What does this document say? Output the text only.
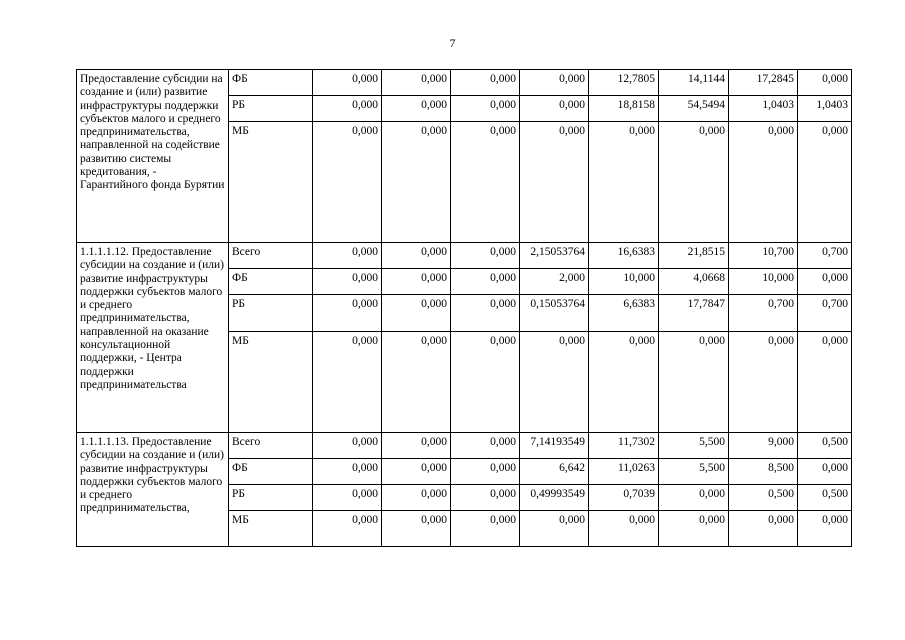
7
Предоставление субсидии на создание и (или) развитие инфраструктуры поддержки субъектов малого и среднего предпринимательства, направленной на содействие развитию системы кредитования, - Гарантийного фонда Бурятии	ФБ	0,000	0,000	0,000	0,000	12,7805	14,1144	17,2845	0,000
	РБ	0,000	0,000	0,000	0,000	18,8158	54,5494	1,0403	1,0403
	МБ	0,000	0,000	0,000	0,000	0,000	0,000	0,000	0,000
1.1.1.1.12. Предоставление субсидии на создание и (или) развитие инфраструктуры поддержки субъектов малого и среднего предпринимательства, направленной на оказание консультационной поддержки, - Центра поддержки предпринимательства	Всего	0,000	0,000	0,000	2,15053764	16,6383	21,8515	10,700	0,700
	ФБ	0,000	0,000	0,000	2,000	10,000	4,0668	10,000	0,000
	РБ	0,000	0,000	0,000	0,15053764	6,6383	17,7847	0,700	0,700
	МБ	0,000	0,000	0,000	0,000	0,000	0,000	0,000	0,000
1.1.1.1.13. Предоставление субсидии на создание и (или) развитие инфраструктуры поддержки субъектов малого и среднего предпринимательства,	Всего	0,000	0,000	0,000	7,14193549	11,7302	5,500	9,000	0,500
	ФБ	0,000	0,000	0,000	6,642	11,0263	5,500	8,500	0,000
	РБ	0,000	0,000	0,000	0,49993549	0,7039	0,000	0,500	0,500
	МБ	0,000	0,000	0,000	0,000	0,000	0,000	0,000	0,000
